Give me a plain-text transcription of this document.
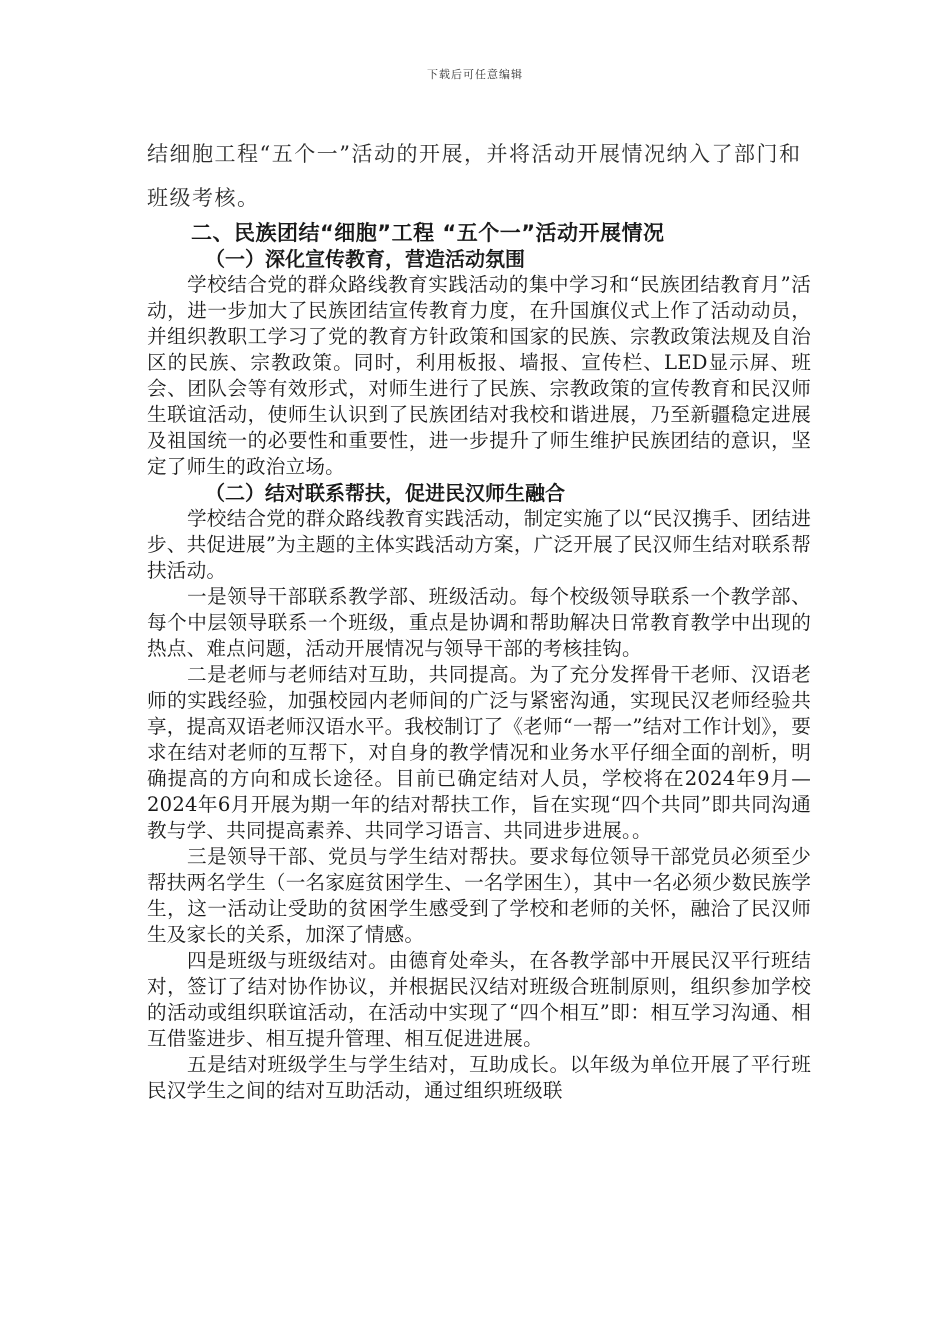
下载后可任意编辑

结细胞工程“五个一”活动的开展，并将活动开展情况纳入了部门和班级考核。

二、民族团结“细胞”工程 “五个一”活动开展情况
（一）深化宣传教育，营造活动氛围

学校结合党的群众路线教育实践活动的集中学习和“民族团结教育月”活动，进一步加大了民族团结宣传教育力度，在升国旗仪式上作了活动动员，并组织教职工学习了党的教育方针政策和国家的民族、宗教政策法规及自治区的民族、宗教政策。同时，利用板报、墙报、宣传栏、LED显示屏、班会、团队会等有效形式，对师生进行了民族、宗教政策的宣传教育和民汉师生联谊活动，使师生认识到了民族团结对我校和谐进展，乃至新疆稳定进展及祖国统一的必要性和重要性，进一步提升了师生维护民族团结的意识，坚定了师生的政治立场。

（二）结对联系帮扶，促进民汉师生融合

学校结合党的群众路线教育实践活动，制定实施了以“民汉携手、团结进步、共促进展”为主题的主体实践活动方案，广泛开展了民汉师生结对联系帮扶活动。

一是领导干部联系教学部、班级活动。每个校级领导联系一个教学部、每个中层领导联系一个班级，重点是协调和帮助解决日常教育教学中出现的热点、难点问题，活动开展情况与领导干部的考核挂钩。

二是老师与老师结对互助，共同提高。为了充分发挥骨干老师、汉语老师的实践经验，加强校园内老师间的广泛与紧密沟通，实现民汉老师经验共享，提高双语老师汉语水平。我校制订了《老师“一帮一”结对工作计划》，要求在结对老师的互帮下，对自身的教学情况和业务水平仔细全面的剖析，明确提高的方向和成长途径。目前已确定结对人员，学校将在2024年9月—2024年6月开展为期一年的结对帮扶工作，旨在实现“四个共同”即共同沟通教与学、共同提高素养、共同学习语言、共同进步进展。。

三是领导干部、党员与学生结对帮扶。要求每位领导干部党员必须至少帮扶两名学生（一名家庭贫困学生、一名学困生），其中一名必须少数民族学生，这一活动让受助的贫困学生感受到了学校和老师的关怀，融洽了民汉师生及家长的关系，加深了情感。

四是班级与班级结对。由德育处牵头，在各教学部中开展民汉平行班结对，签订了结对协作协议，并根据民汉结对班级合班制原则，组织参加学校的活动或组织联谊活动，在活动中实现了“四个相互”即：相互学习沟通、相互借鉴进步、相互提升管理、相互促进进展。

五是结对班级学生与学生结对，互助成长。以年级为单位开展了平行班民汉学生之间的结对互助活动，通过组织班级联
